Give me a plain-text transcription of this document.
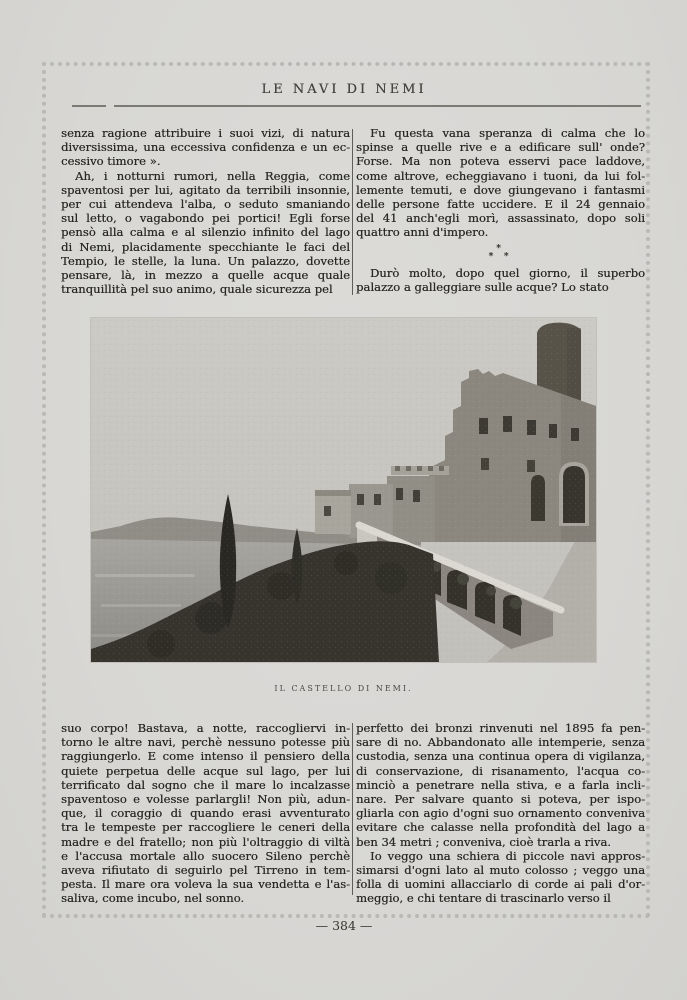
LE NAVI DI NEMI
senza ragione attribuire i suoi vizi, di natura
diversissima, una eccessiva confidenza e un ec-
cessivo timore ».
Ah, i notturni rumori, nella Reggia, come
spaventosi per lui, agitato da terribili insonnie,
per cui attendeva l'alba, o seduto smaniando
sul letto, o vagabondo pei portici! Egli forse
pensò alla calma e al silenzio infinito del lago
di Nemi, placidamente specchiante le faci del
Tempio, le stelle, la luna. Un palazzo, dovette
pensare, là, in mezzo a quelle acque quale
tranquillità pel suo animo, quale sicurezza pel
Fu questa vana speranza di calma che lo
spinse a quelle rive e a edificare sull' onde?
Forse. Ma non poteva esservi pace laddove,
come altrove, echeggiavano i tuoni, da lui fol-
lemente temuti, e dove giungevano i fantasmi
delle persone fatte uccidere. E il 24 gennaio
del 41 anch'egli morì, assassinato, dopo soli
quattro anni d'impero.
*
* *
Durò molto, dopo quel giorno, il superbo
palazzo a galleggiare sulle acque? Lo stato
IL CASTELLO DI NEMI.
suo corpo! Bastava, a notte, raccogliervi in-
torno le altre navi, perchè nessuno potesse più
raggiungerlo. E come intenso il pensiero della
quiete perpetua delle acque sul lago, per lui
terrificato dal sogno che il mare lo incalzasse
spaventoso e volesse parlargli! Non più, adun-
que, il coraggio di quando erasi avventurato
tra le tempeste per raccogliere le ceneri della
madre e del fratello; non più l'oltraggio di viltà
e l'accusa mortale allo suocero Sileno perchè
aveva rifiutato di seguirlo pel Tirreno in tem-
pesta. Il mare ora voleva la sua vendetta e l'as-
saliva, come incubo, nel sonno.
perfetto dei bronzi rinvenuti nel 1895 fa pen-
sare di no. Abbandonato alle intemperie, senza
custodia, senza una continua opera di vigilanza,
di conservazione, di risanamento, l'acqua co-
minciò a penetrare nella stiva, e a farla incli-
nare. Per salvare quanto si poteva, per ispo-
gliarla con agio d'ogni suo ornamento conveniva
evitare che calasse nella profondità del lago a
ben 34 metri ; conveniva, cioè trarla a riva.
Io veggo una schiera di piccole navi appros-
simarsi d'ogni lato al muto colosso ; veggo una
folla di uomini allacciarlo di corde ai pali d'or-
meggio, e chi tentare di trascinarlo verso il
— 384 —
